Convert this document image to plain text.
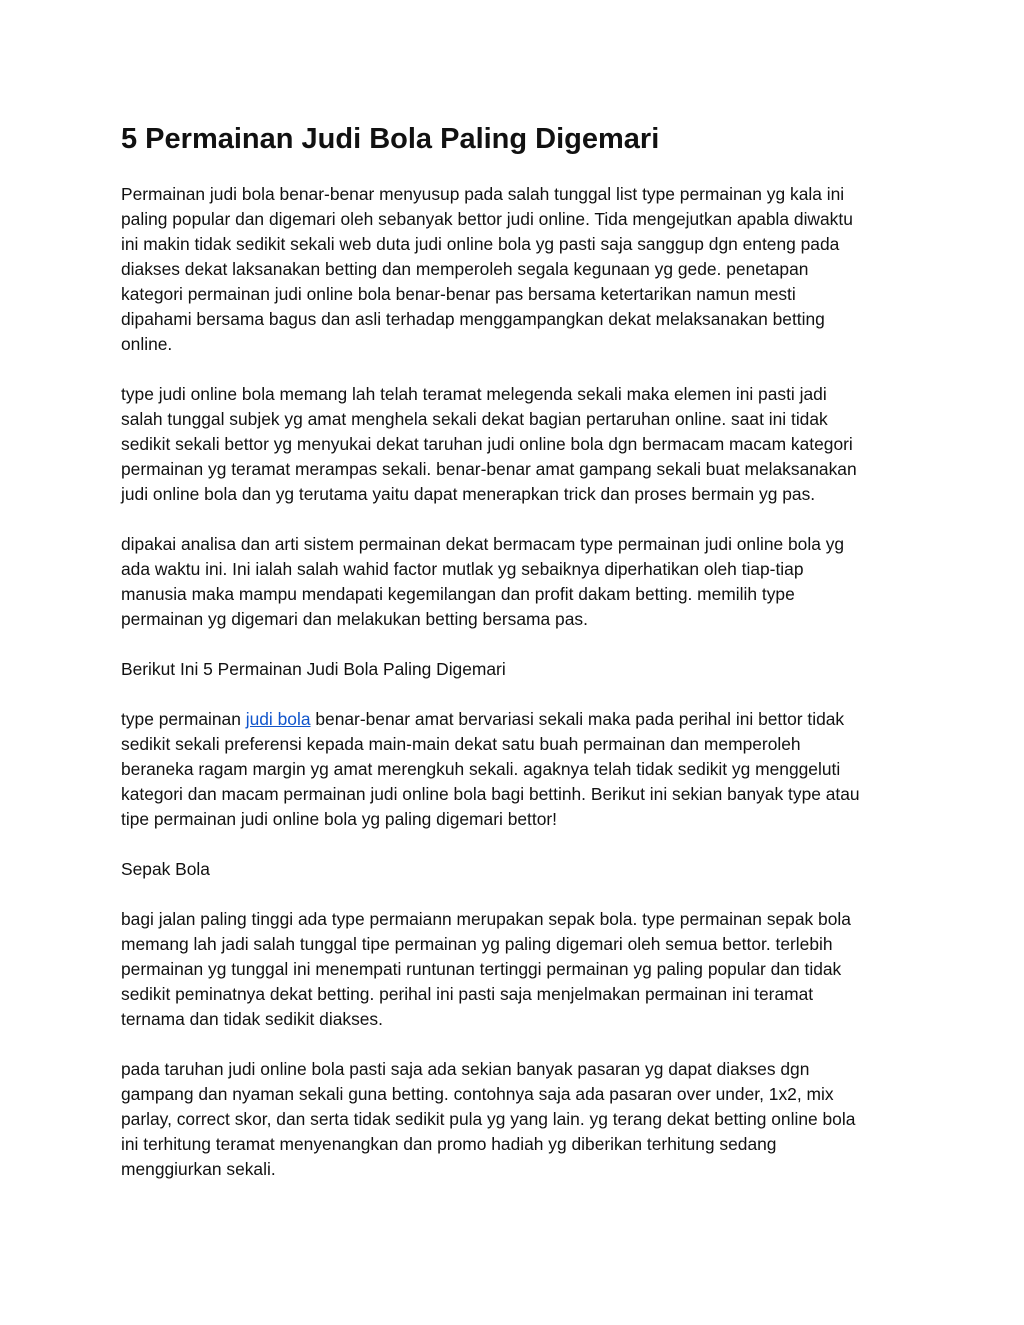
5 Permainan Judi Bola Paling Digemari

Permainan judi bola benar-benar menyusup pada salah tunggal list type permainan yg kala ini
paling popular dan digemari oleh sebanyak bettor judi online. Tida mengejutkan apabla diwaktu
ini makin tidak sedikit sekali web duta judi online bola yg pasti saja sanggup dgn enteng pada
diakses dekat laksanakan betting dan memperoleh segala kegunaan yg gede. penetapan
kategori permainan judi online bola benar-benar pas bersama ketertarikan namun mesti
dipahami bersama bagus dan asli terhadap menggampangkan dekat melaksanakan betting
online.

type judi online bola memang lah telah teramat melegenda sekali maka elemen ini pasti jadi
salah tunggal subjek yg amat menghela sekali dekat bagian pertaruhan online. saat ini tidak
sedikit sekali bettor yg menyukai dekat taruhan judi online bola dgn bermacam macam kategori
permainan yg teramat merampas sekali. benar-benar amat gampang sekali buat melaksanakan
judi online bola dan yg terutama yaitu dapat menerapkan trick dan proses bermain yg pas.

dipakai analisa dan arti sistem permainan dekat bermacam type permainan judi online bola yg
ada waktu ini. Ini ialah salah wahid factor mutlak yg sebaiknya diperhatikan oleh tiap-tiap
manusia maka mampu mendapati kegemilangan dan profit dakam betting. memilih type
permainan yg digemari dan melakukan betting bersama pas.

Berikut Ini 5 Permainan Judi Bola Paling Digemari

type permainan judi bola benar-benar amat bervariasi sekali maka pada perihal ini bettor tidak
sedikit sekali preferensi kepada main-main dekat satu buah permainan dan memperoleh
beraneka ragam margin yg amat merengkuh sekali. agaknya telah tidak sedikit yg menggeluti
kategori dan macam permainan judi online bola bagi bettinh. Berikut ini sekian banyak type atau
tipe permainan judi online bola yg paling digemari bettor!

Sepak Bola

bagi jalan paling tinggi ada type permaiann merupakan sepak bola. type permainan sepak bola
memang lah jadi salah tunggal tipe permainan yg paling digemari oleh semua bettor. terlebih
permainan yg tunggal ini menempati runtunan tertinggi permainan yg paling popular dan tidak
sedikit peminatnya dekat betting. perihal ini pasti saja menjelmakan permainan ini teramat
ternama dan tidak sedikit diakses.

pada taruhan judi online bola pasti saja ada sekian banyak pasaran yg dapat diakses dgn
gampang dan nyaman sekali guna betting. contohnya saja ada pasaran over under, 1x2, mix
parlay, correct skor, dan serta tidak sedikit pula yg yang lain. yg terang dekat betting online bola
ini terhitung teramat menyenangkan dan promo hadiah yg diberikan terhitung sedang
menggiurkan sekali.
